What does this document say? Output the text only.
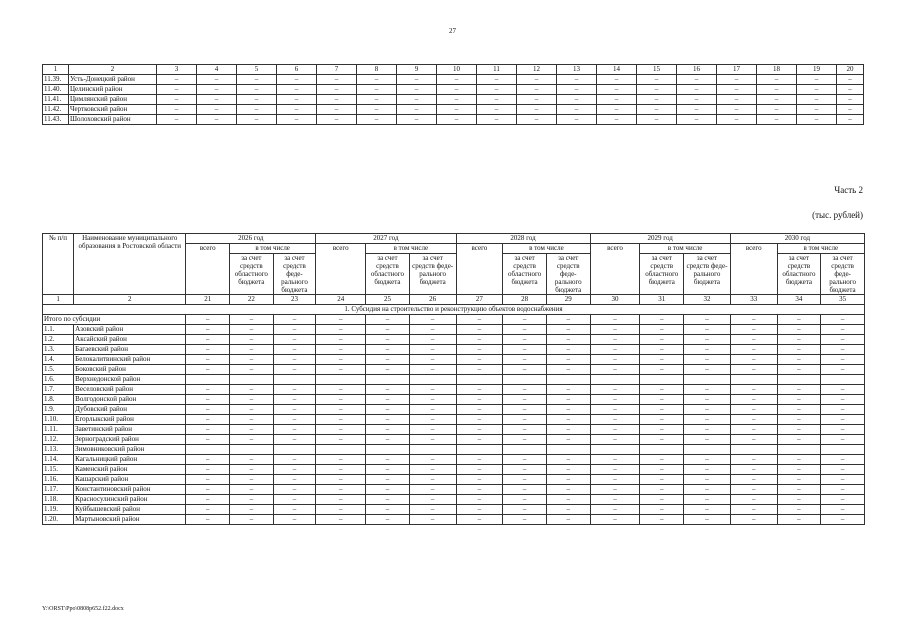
27
1	2	3	4	5	6	7	8	9	10	11	12	13	14	15	16	17	18	19	20
11.39.	Усть-Донецкий район	–	–	–	–	–	–	–	–	–	–	–	–	–	–	–	–	–	–
11.40.	Целинский район	–	–	–	–	–	–	–	–	–	–	–	–	–	–	–	–	–	–
11.41.	Цимлянский район	–	–	–	–	–	–	–	–	–	–	–	–	–	–	–	–	–	–
11.42.	Чертковский район	–	–	–	–	–	–	–	–	–	–	–	–	–	–	–	–	–	–
11.43.	Шолоховский район	–	–	–	–	–	–	–	–	–	–	–	–	–	–	–	–	–	–
Часть 2
(тыс. рублей)
№ п/п	Наименование муниципального образования в Ростовской области	2026 год			2027 год			2028 год			2029 год			2030 год		
		всего	в том числе		всего	в том числе		всего	в том числе		всего	в том числе		всего	в том числе	
			за счет средств областного бюджета	за счет средств федерального бюджета		за счет средств областного бюджета	за счет средств федерального бюджета		за счет средств областного бюджета	за счет средств федерального бюджета		за счет средств областного бюджета	за счет средств федерального бюджета		за счет средств областного бюджета	за счет средств федерального бюджета
1	2	21	22	23	24	25	26	27	28	29	30	31	32	33	34	35
1. Субсидия на строительство и реконструкцию объектов водоснабжения																
Итого по субсидии		–	–	–	–	–	–	–	–	–	–	–	–	–	–	–
1.1.	Азовский район	–	–	–	–	–	–	–	–	–	–	–	–	–	–	–
1.2.	Аксайский район	–	–	–	–	–	–	–	–	–	–	–	–	–	–	–
1.3.	Багаевский район	–	–	–	–	–	–	–	–	–	–	–	–	–	–	–
1.4.	Белокалитвинский район	–	–	–	–	–	–	–	–	–	–	–	–	–	–	–
1.5.	Боковский район	–	–	–	–	–	–	–	–	–	–	–	–	–	–	–
1.6.	Верхнедонской район															
1.7.	Веселовский район	–	–	–	–	–	–	–	–	–	–	–	–	–	–	–
1.8.	Волгодонской район	–	–	–	–	–	–	–	–	–	–	–	–	–	–	–
1.9.	Дубовский район	–	–	–	–	–	–	–	–	–	–	–	–	–	–	–
1.10.	Егорлыкский район	–	–	–	–	–	–	–	–	–	–	–	–	–	–	–
1.11.	Заветинский район	–	–	–	–	–	–	–	–	–	–	–	–	–	–	–
1.12.	Зерноградский район	–	–	–	–	–	–	–	–	–	–	–	–	–	–	–
1.13.	Зимовниковский район															
1.14.	Кагальницкий район	–	–	–	–	–	–	–	–	–	–	–	–	–	–	–
1.15.	Каменский район	–	–	–	–	–	–	–	–	–	–	–	–	–	–	–
1.16.	Кашарский район	–	–	–	–	–	–	–	–	–	–	–	–	–	–	–
1.17.	Константиновский район	–	–	–	–	–	–	–	–	–	–	–	–	–	–	–
1.18.	Красносулинский район	–	–	–	–	–	–	–	–	–	–	–	–	–	–	–
1.19.	Куйбышевский район	–	–	–	–	–	–	–	–	–	–	–	–	–	–	–
1.20.	Мартыновский район	–	–	–	–	–	–	–	–	–	–	–	–	–	–	–
Y:\ORST\Ppo\0808p652.f22.docx
